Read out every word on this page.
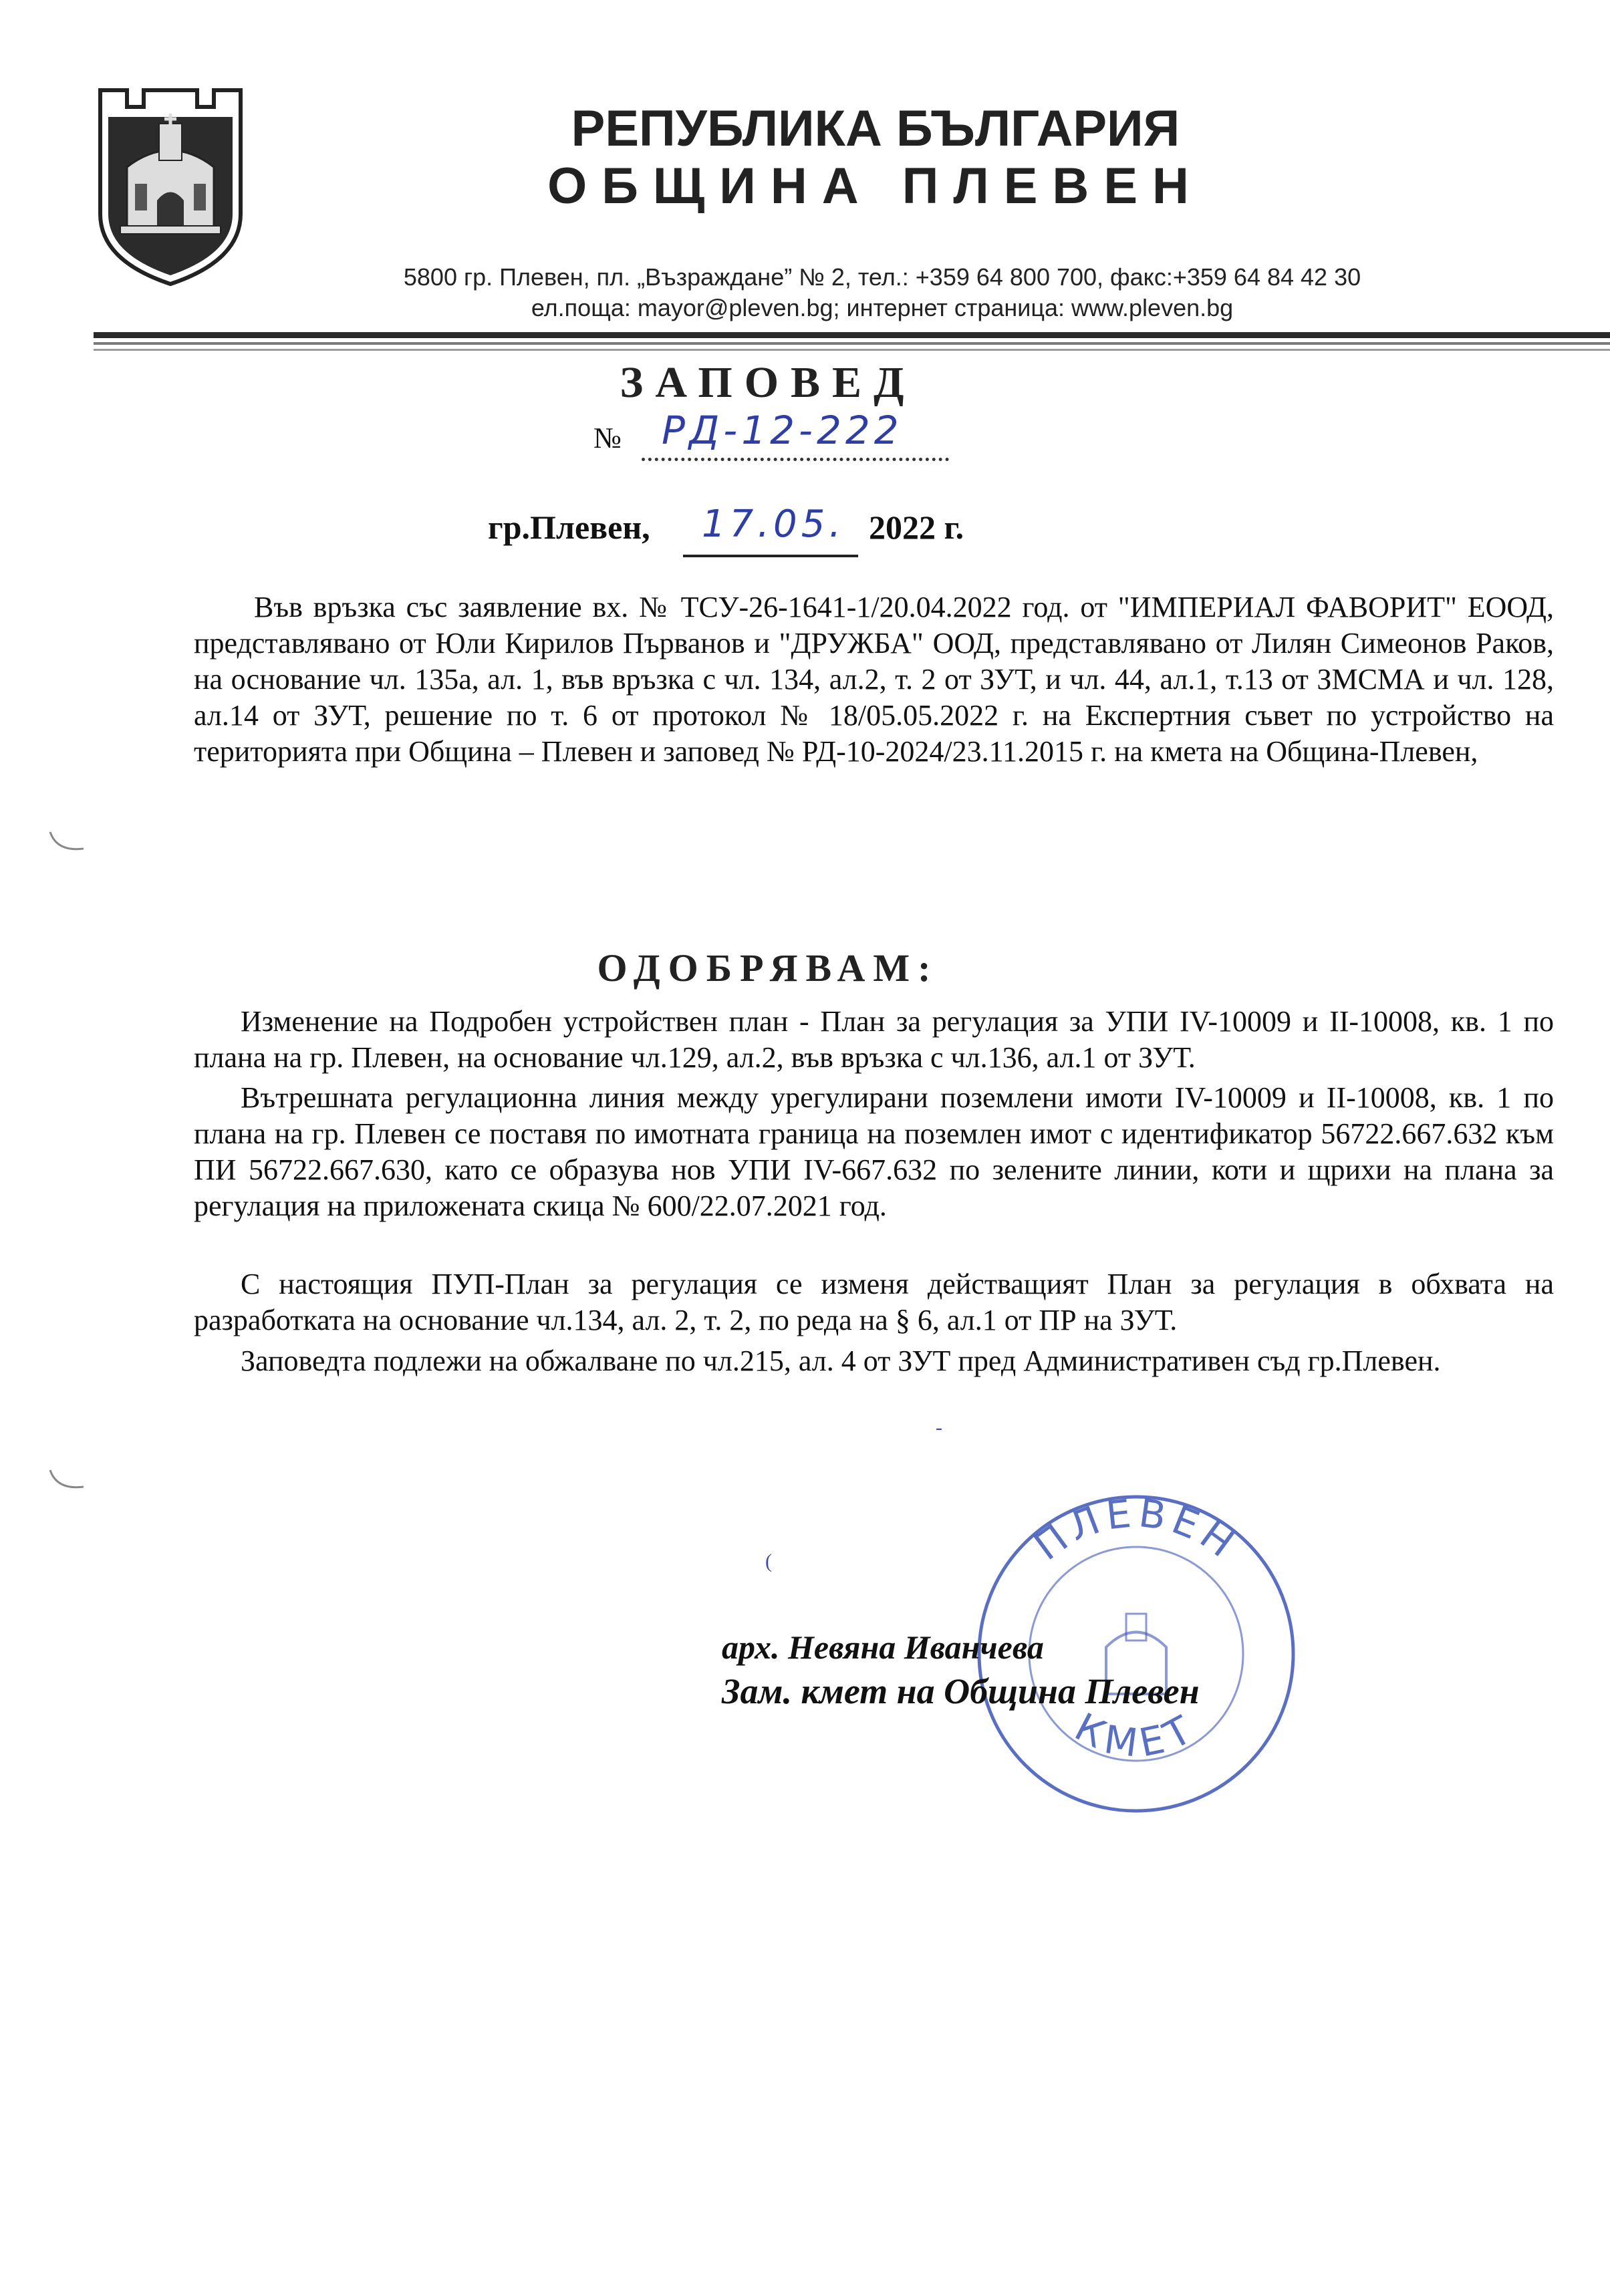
РЕПУБЛИКА БЪЛГАРИЯ
ОБЩИНА ПЛЕВЕН
5800 гр. Плевен, пл. „Възраждане” № 2, тел.: +359 64 800 700, факс:+359 64 84 42 30
ел.поща: mayor@pleven.bg; интернет страница: www.pleven.bg
ЗАПОВЕД
№ РД-12-222
гр.Плевен, 17.05. 2022 г.
Във връзка със заявление вх. № ТСУ-26-1641-1/20.04.2022 год. от "ИМПЕРИАЛ ФАВОРИТ" ЕООД, представлявано от Юли Кирилов Първанов и "ДРУЖБА" ООД, представлявано от Лилян Симеонов Раков, на основание чл. 135а, ал. 1, във връзка с чл. 134, ал.2, т. 2 от ЗУТ, и чл. 44, ал.1, т.13 от ЗМСМА и чл. 128, ал.14 от ЗУТ, решение по т. 6 от протокол № 18/05.05.2022 г. на Експертния съвет по устройство на територията при Община – Плевен и заповед № РД-10-2024/23.11.2015 г. на кмета на Община-Плевен,
ОДОБРЯВАМ:
Изменение на Подробен устройствен план - План за регулация за УПИ IV-10009 и II-10008, кв. 1 по плана на гр. Плевен, на основание чл.129, ал.2, във връзка с чл.136, ал.1 от ЗУТ.
Вътрешната регулационна линия между урегулирани поземлени имоти IV-10009 и II-10008, кв. 1 по плана на гр. Плевен се поставя по имотната граница на поземлен имот с идентификатор 56722.667.632 към ПИ 56722.667.630, като се образува нов УПИ IV-667.632 по зелените линии, коти и щрихи на плана за регулация на приложената скица № 600/22.07.2021 год.
С настоящия ПУП-План за регулация се изменя действащият План за регулация в обхвата на разработката на основание чл.134, ал. 2, т. 2, по реда на § 6, ал.1 от ПР на ЗУТ.
Заповедта подлежи на обжалване по чл.215, ал. 4 от ЗУТ пред Административен съд гр.Плевен.
‐
(	ПЛЕВЕН
КМЕТ
арх. Невяна Иванчева
Зам. кмет на Община Плевен
